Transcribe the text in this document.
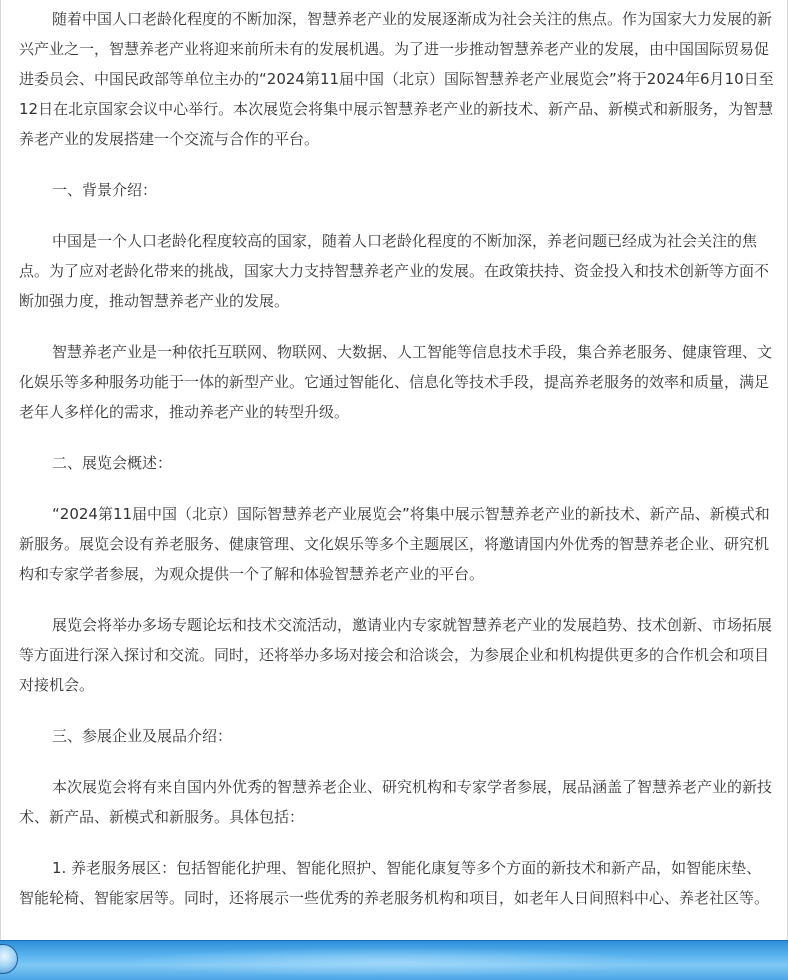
随着中国人口老龄化程度的不断加深，智慧养老产业的发展逐渐成为社会关注的焦点。作为国家大力发展的新兴产业之一，智慧养老产业将迎来前所未有的发展机遇。为了进一步推动智慧养老产业的发展，由中国国际贸易促进委员会、中国民政部等单位主办的“2024第11届中国（北京）国际智慧养老产业展览会”将于2024年6月10日至12日在北京国家会议中心举行。本次展览会将集中展示智慧养老产业的新技术、新产品、新模式和新服务，为智慧养老产业的发展搭建一个交流与合作的平台。

一、背景介绍：

中国是一个人口老龄化程度较高的国家，随着人口老龄化程度的不断加深，养老问题已经成为社会关注的焦点。为了应对老龄化带来的挑战，国家大力支持智慧养老产业的发展。在政策扶持、资金投入和技术创新等方面不断加强力度，推动智慧养老产业的发展。

智慧养老产业是一种依托互联网、物联网、大数据、人工智能等信息技术手段，集合养老服务、健康管理、文化娱乐等多种服务功能于一体的新型产业。它通过智能化、信息化等技术手段，提高养老服务的效率和质量，满足老年人多样化的需求，推动养老产业的转型升级。

二、展览会概述：

“2024第11届中国（北京）国际智慧养老产业展览会”将集中展示智慧养老产业的新技术、新产品、新模式和新服务。展览会设有养老服务、健康管理、文化娱乐等多个主题展区，将邀请国内外优秀的智慧养老企业、研究机构和专家学者参展，为观众提供一个了解和体验智慧养老产业的平台。

展览会将举办多场专题论坛和技术交流活动，邀请业内专家就智慧养老产业的发展趋势、技术创新、市场拓展等方面进行深入探讨和交流。同时，还将举办多场对接会和洽谈会，为参展企业和机构提供更多的合作机会和项目对接机会。

三、参展企业及展品介绍：

本次展览会将有来自国内外优秀的智慧养老企业、研究机构和专家学者参展，展品涵盖了智慧养老产业的新技术、新产品、新模式和新服务。具体包括：

1. 养老服务展区：包括智能化护理、智能化照护、智能化康复等多个方面的新技术和新产品，如智能床垫、智能轮椅、智能家居等。同时，还将展示一些优秀的养老服务机构和项目，如老年人日间照料中心、养老社区等。
